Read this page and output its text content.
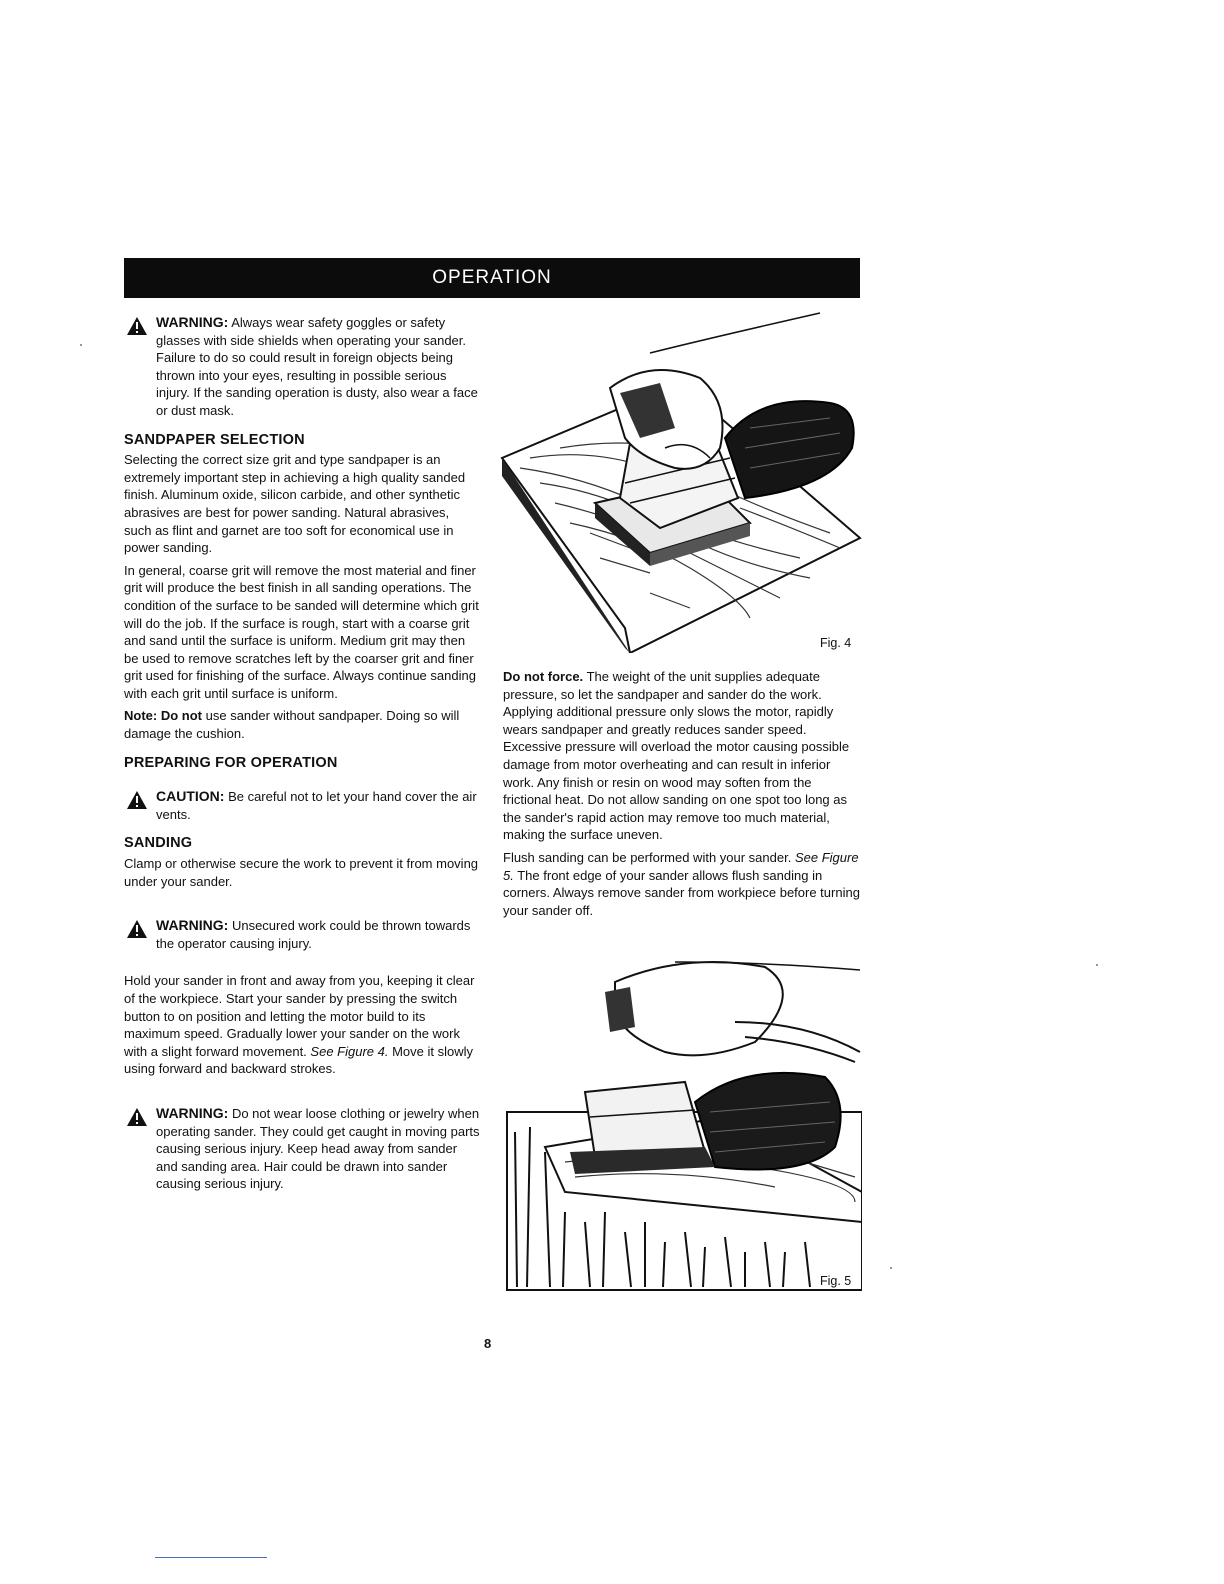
OPERATION
WARNING: Always wear safety goggles or safety glasses with side shields when operating your sander. Failure to do so could result in foreign objects being thrown into your eyes, resulting in possible serious injury. If the sanding operation is dusty, also wear a face or dust mask.
SANDPAPER SELECTION

Selecting the correct size grit and type sandpaper is an extremely important step in achieving a high quality sanded finish. Aluminum oxide, silicon carbide, and other synthetic abrasives are best for power sanding. Natural abrasives, such as flint and garnet are too soft for economical use in power sanding.

In general, coarse grit will remove the most material and finer grit will produce the best finish in all sanding operations. The condition of the surface to be sanded will determine which grit will do the job. If the surface is rough, start with a coarse grit and sand until the surface is uniform. Medium grit may then be used to remove scratches left by the coarser grit and finer grit used for finishing of the surface. Always continue sanding with each grit until surface is uniform.

Note: Do not use sander without sandpaper. Doing so will damage the cushion.

PREPARING FOR OPERATION
CAUTION: Be careful not to let your hand cover the air vents.
SANDING

Clamp or otherwise secure the work to prevent it from moving under your sander.

WARNING: Unsecured work could be thrown towards the operator causing injury.

Hold your sander in front and away from you, keeping it clear of the workpiece. Start your sander by pressing the switch button to on position and letting the motor build to its maximum speed. Gradually lower your sander on the work with a slight forward movement. See Figure 4. Move it slowly using forward and backward strokes.

WARNING: Do not wear loose clothing or jewelry when operating sander. They could get caught in moving parts causing serious injury. Keep head away from sander and sanding area. Hair could be drawn into sander causing serious injury.
Fig. 4

Do not force. The weight of the unit supplies adequate pressure, so let the sandpaper and sander do the work. Applying additional pressure only slows the motor, rapidly wears sandpaper and greatly reduces sander speed. Excessive pressure will overload the motor causing possible damage from motor overheating and can result in inferior work. Any finish or resin on wood may soften from the frictional heat. Do not allow sanding on one spot too long as the sander's rapid action may remove too much material, making the surface uneven.

Flush sanding can be performed with your sander. See Figure 5. The front edge of your sander allows flush sanding in corners. Always remove sander from workpiece before turning your sander off.

Fig. 5
8
